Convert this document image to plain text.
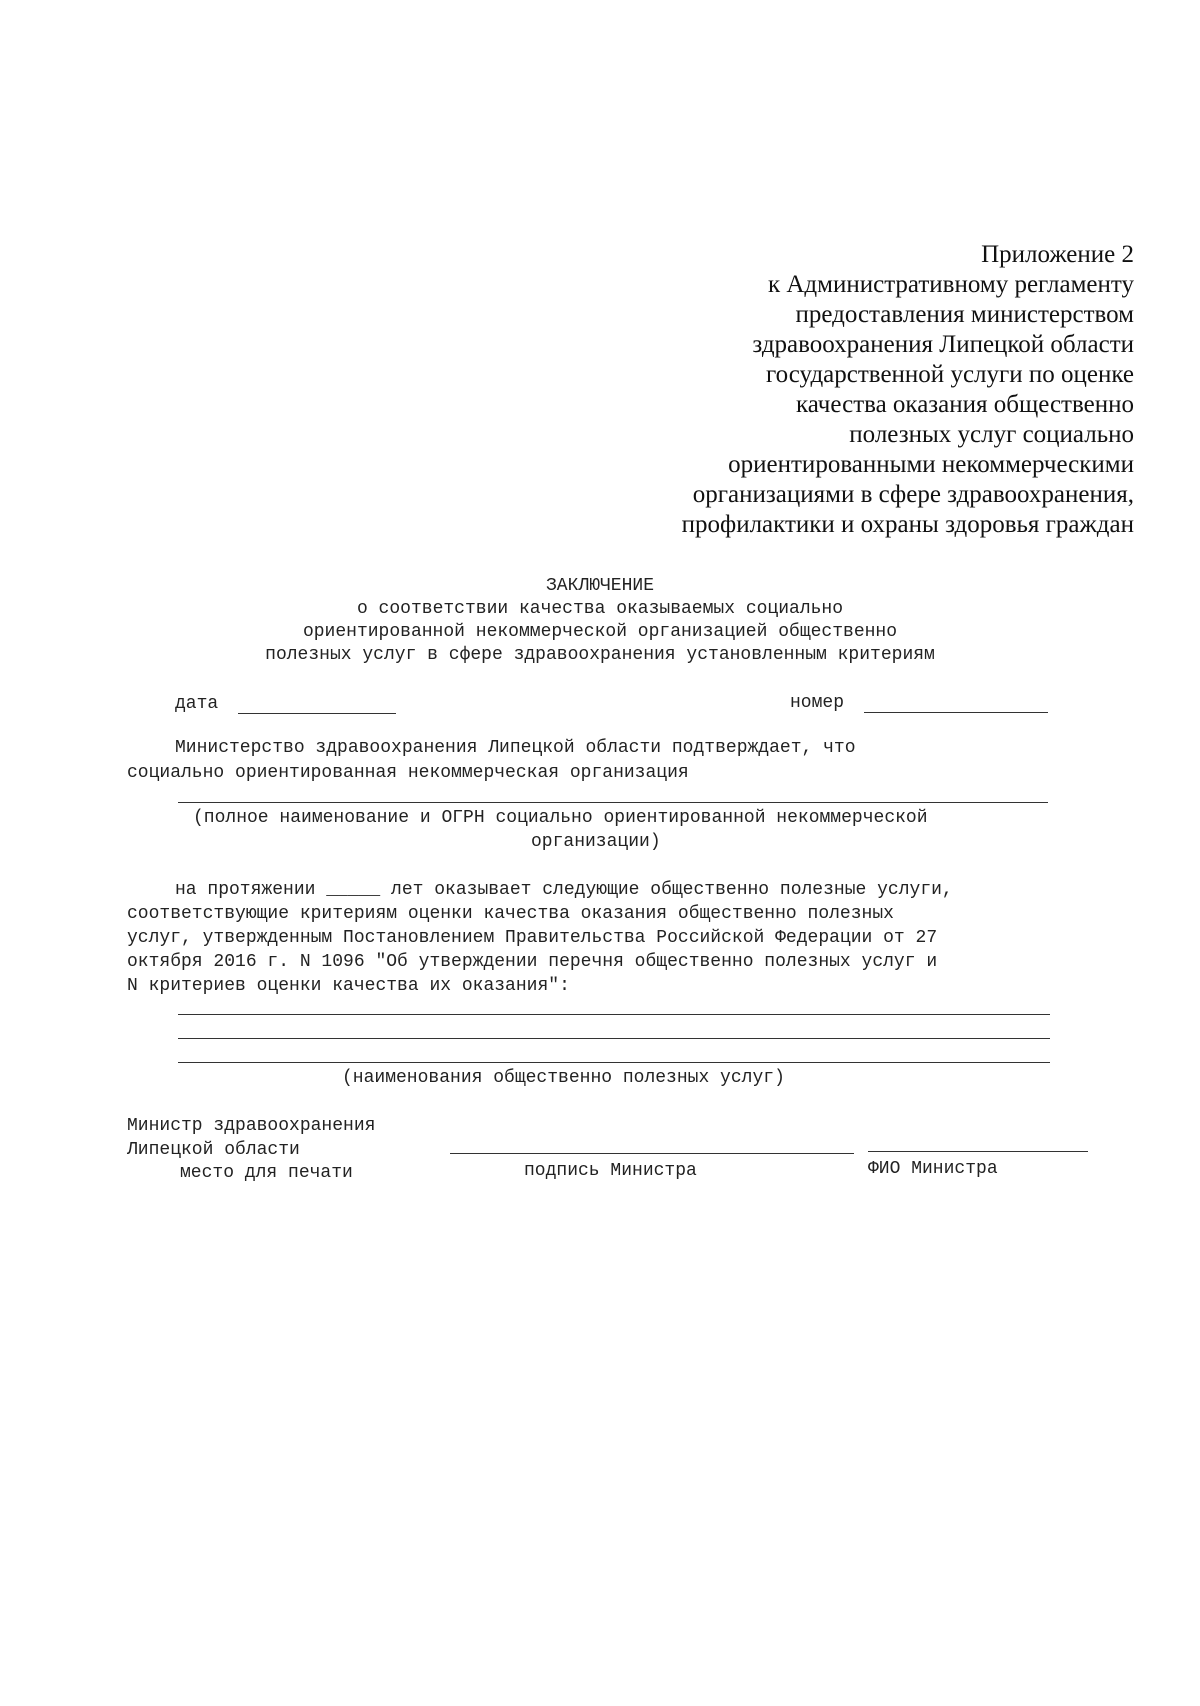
Приложение 2
к Административному регламенту
предоставления министерством
здравоохранения Липецкой области
государственной услуги по оценке
качества оказания общественно
полезных услуг социально
ориентированными некоммерческими
организациями в сфере здравоохранения,
профилактики и охраны здоровья граждан
ЗАКЛЮЧЕНИЕ
о соответствии качества оказываемых социально
ориентированной некоммерческой организацией общественно
полезных услуг в сфере здравоохранения установленным критериям
дата	номер
Министерство здравоохранения Липецкой области подтверждает, что
социально ориентированная некоммерческая организация
(полное наименование и ОГРН социально ориентированной некоммерческой
организации)
на протяжении _____ лет оказывает следующие общественно полезные услуги,
соответствующие критериям оценки качества оказания общественно полезных
услуг, утвержденным Постановлением Правительства Российской Федерации от 27
октября 2016 г. N 1096 "Об утверждении перечня общественно полезных услуг и
N критериев оценки качества их оказания":
(наименования общественно полезных услуг)
Министр здравоохранения
Липецкой области
место для печати	подпись Министра	ФИО Министра
